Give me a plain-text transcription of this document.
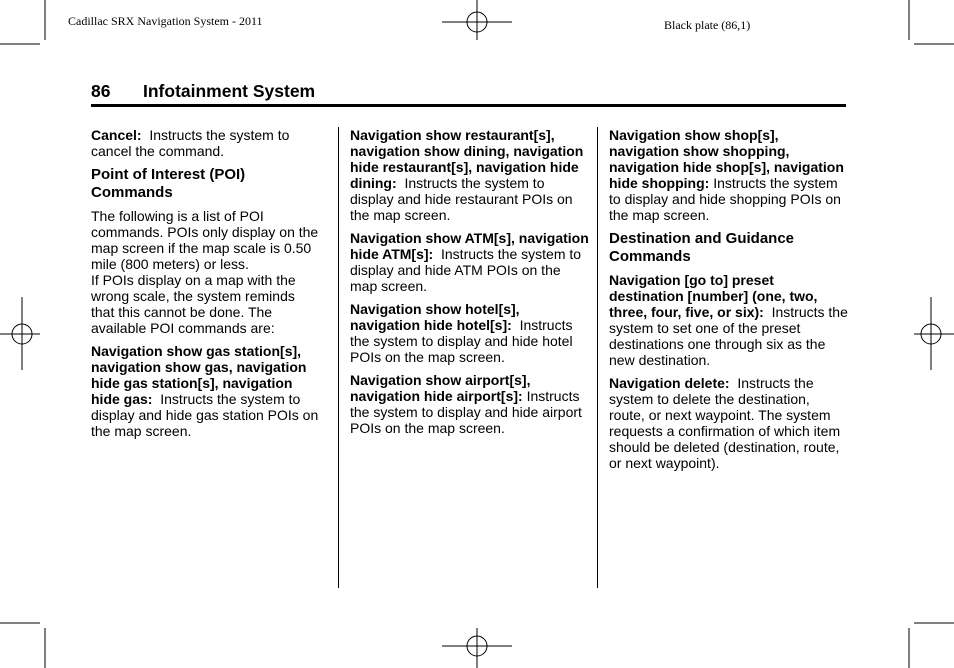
Cadillac SRX Navigation System - 2011	Black plate (86,1)
86 Infotainment System

Cancel: Instructs the system to cancel the command.

Point of Interest (POI) Commands

The following is a list of POI commands. POIs only display on the map screen if the map scale is 0.50 mile (800 meters) or less.

If POIs display on a map with the wrong scale, the system reminds that this cannot be done. The available POI commands are:

Navigation show gas station[s], navigation show gas, navigation hide gas station[s], navigation hide gas: Instructs the system to display and hide gas station POIs on the map screen.

Navigation show restaurant[s], navigation show dining, navigation hide restaurant[s], navigation hide dining: Instructs the system to display and hide restaurant POIs on the map screen.

Navigation show ATM[s], navigation hide ATM[s]: Instructs the system to display and hide ATM POIs on the map screen.

Navigation show hotel[s], navigation hide hotel[s]: Instructs the system to display and hide hotel POIs on the map screen.

Navigation show airport[s], navigation hide airport[s]: Instructs the system to display and hide airport POIs on the map screen.

Navigation show shop[s], navigation show shopping, navigation hide shop[s], navigation hide shopping: Instructs the system to display and hide shopping POIs on the map screen.

Destination and Guidance Commands

Navigation [go to] preset destination [number] (one, two, three, four, five, or six): Instructs the system to set one of the preset destinations one through six as the new destination.

Navigation delete: Instructs the system to delete the destination, route, or next waypoint. The system requests a confirmation of which item should be deleted (destination, route, or next waypoint).
